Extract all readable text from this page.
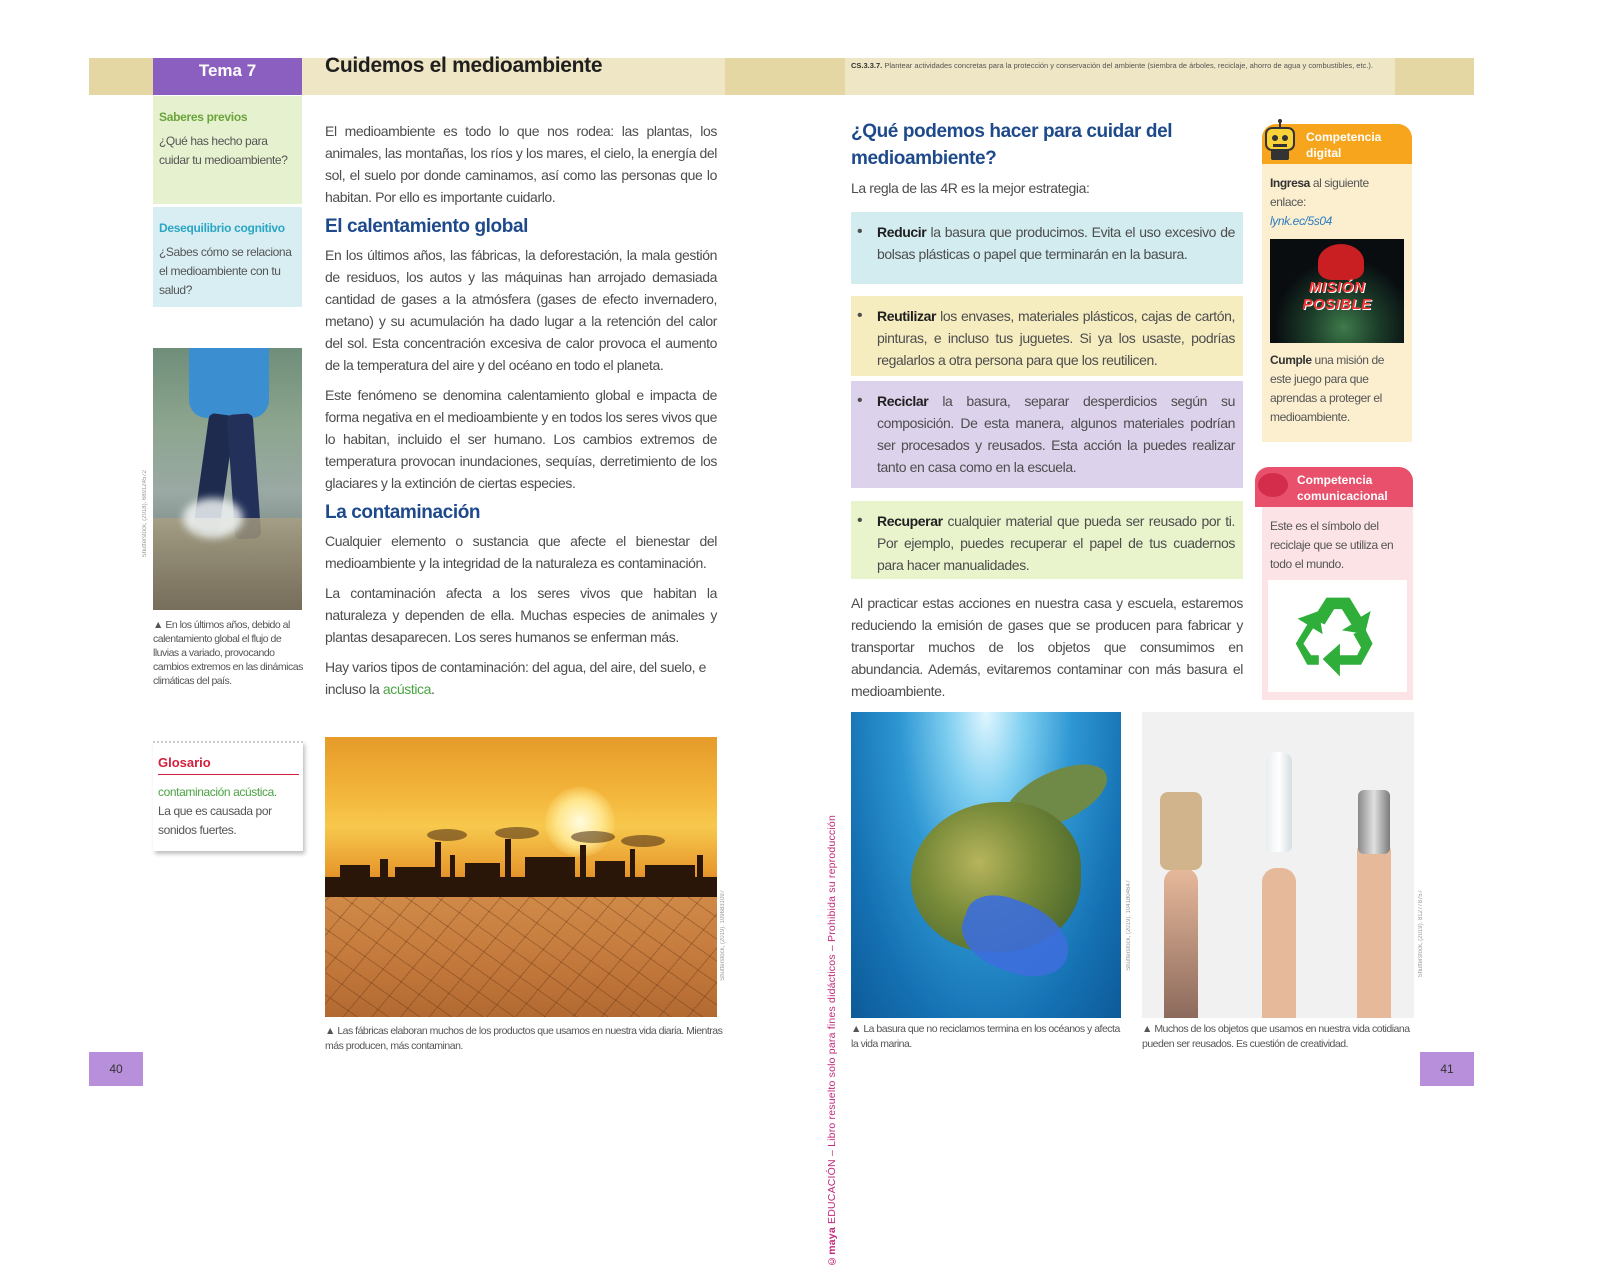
Tema 7	Cuidemos el medioambiente	CS.3.3.7. Plantear actividades concretas para la protección y conservación del ambiente (siembra de árboles, reciclaje, ahorro de agua y combustibles, etc.).
Saberes previos
¿Qué has hecho para cuidar tu medioambiente?
Desequilibrio cognitivo
¿Sabes cómo se relaciona el medioambiente con tu salud?
Shutterstock, (2018). 689124572
▲ En los últimos años, debido al calentamiento global el flujo de lluvias a variado, provocando cambios extremos en las dinámicas climáticas del país.
Glosario
contaminación acústica.
La que es causada por sonidos fuertes.

El medioambiente es todo lo que nos rodea: las plantas, los animales, las montañas, los ríos y los mares, el cielo, la energía del sol, el suelo por donde caminamos, así como las personas que lo habitan. Por ello es importante cuidarlo.

El calentamiento global

En los últimos años, las fábricas, la deforestación, la mala gestión de residuos, los autos y las máquinas han arrojado demasiada cantidad de gases a la atmósfera (gases de efecto invernadero, metano) y su acumulación ha dado lugar a la retención del calor del sol. Esta concentración excesiva de calor provoca el aumento de la temperatura del aire y del océano en todo el planeta.

Este fenómeno se denomina calentamiento global e impacta de forma negativa en el medioambiente y en todos los seres vivos que lo habitan, incluido el ser humano. Los cambios extremos de temperatura provocan inundaciones, sequías, derretimiento de los glaciares y la extinción de ciertas especies.

La contaminación

Cualquier elemento o sustancia que afecte el bienestar del medioambiente y la integridad de la naturaleza es contaminación.

La contaminación afecta a los seres vivos que habitan la naturaleza y dependen de ella. Muchas especies de animales y plantas desaparecen. Los seres humanos se enferman más.

Hay varios tipos de contaminación: del agua, del aire, del suelo, e incluso la acústica.

Shutterstock, (2019). 1096831097
▲ Las fábricas elaboran muchos de los productos que usamos en nuestra vida diaria. Mientras más producen, más contaminan.
40	41
©maya EDUCACIÓN – Libro resuelto solo para fines didácticos – Prohibida su reproducción
¿Qué podemos hacer para cuidar del medioambiente?
La regla de las 4R es la mejor estrategia:
•	Reducir la basura que producimos. Evita el uso excesivo de bolsas plásticas o papel que terminarán en la basura.
•	Reutilizar los envases, materiales plásticos, cajas de cartón, pinturas, e incluso tus juguetes. Si ya los usaste, podrías regalarlos a otra persona para que los reutilicen.
•	Reciclar la basura, separar desperdicios según su composición. De esta manera, algunos materiales podrían ser procesados y reusados. Esta acción la puedes realizar tanto en casa como en la escuela.
•	Recuperar cualquier material que pueda ser reusado por ti. Por ejemplo, puedes recuperar el papel de tus cuadernos para hacer manualidades.
Al practicar estas acciones en nuestra casa y escuela, estaremos reduciendo la emisión de gases que se producen para fabricar y transportar muchos de los objetos que consumimos en abundancia. Además, evitaremos contaminar con más basura el medioambiente.
Shutterstock, (2019). 1041804647
▲ La basura que no reciclamos termina en los océanos y afecta la vida marina.
Shutterstock, (2019). 812778757
▲ Muchos de los objetos que usamos en nuestra vida cotidiana pueden ser reusados. Es cuestión de creatividad.
Competencia
digital
Ingresa al siguiente enlace:
lynk.ec/5s04
MISIÓN POSIBLE
Cumple una misión de este juego para que aprendas a proteger el medioambiente.
Competencia
comunicacional
Este es el símbolo del reciclaje que se utiliza en todo el mundo.
